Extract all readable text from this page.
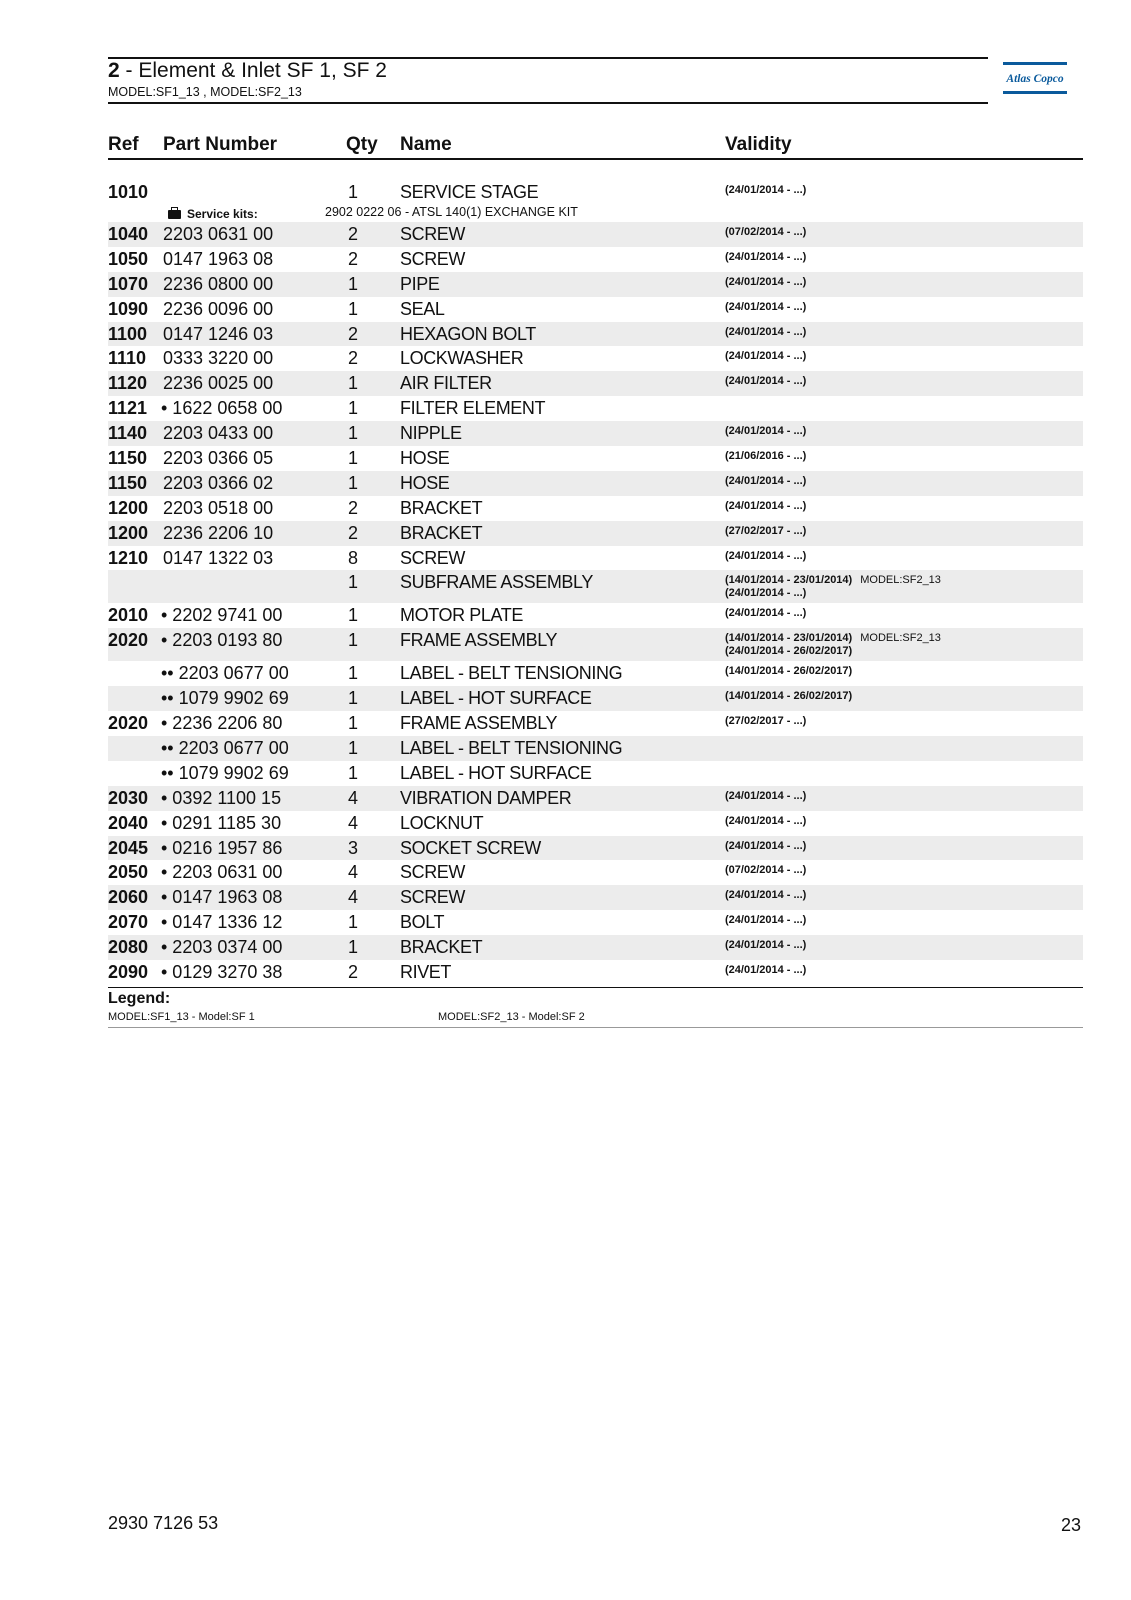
2 - Element & Inlet SF 1, SF 2
MODEL:SF1_13 , MODEL:SF2_13
Atlas Copco
Ref Part Number	Qty Name	Validity
1010	1 SERVICE STAGE	(24/01/2014 - ...)
Service kits:	2902 0222 06 - ATSL 140(1) EXCHANGE KIT
1040 2203 0631 00	2 SCREW	(07/02/2014 - ...)
1050 0147 1963 08	2 SCREW	(24/01/2014 - ...)
1070 2236 0800 00	1 PIPE	(24/01/2014 - ...)
1090 2236 0096 00	1 SEAL	(24/01/2014 - ...)
1100 0147 1246 03	2 HEXAGON BOLT	(24/01/2014 - ...)
1110 0333 3220 00	2 LOCKWASHER	(24/01/2014 - ...)
1120 2236 0025 00	1 AIR FILTER	(24/01/2014 - ...)
1121 • 1622 0658 00	1 FILTER ELEMENT
1140 2203 0433 00	1 NIPPLE	(24/01/2014 - ...)
1150 2203 0366 05	1 HOSE	(21/06/2016 - ...)
1150 2203 0366 02	1 HOSE	(24/01/2014 - ...)
1200 2203 0518 00	2 BRACKET	(24/01/2014 - ...)
1200 2236 2206 10	2 BRACKET	(27/02/2017 - ...)
1210 0147 1322 03	8 SCREW	(24/01/2014 - ...)
1 SUBFRAME ASSEMBLY	(14/01/2014 - 23/01/2014) MODEL:SF2_13
(24/01/2014 - ...)
2010 • 2202 9741 00	1 MOTOR PLATE	(24/01/2014 - ...)
2020 • 2203 0193 80	1 FRAME ASSEMBLY	(14/01/2014 - 23/01/2014) MODEL:SF2_13
(24/01/2014 - 26/02/2017)
•• 2203 0677 00	1 LABEL - BELT TENSIONING	(14/01/2014 - 26/02/2017)
•• 1079 9902 69	1 LABEL - HOT SURFACE	(14/01/2014 - 26/02/2017)
2020 • 2236 2206 80	1 FRAME ASSEMBLY	(27/02/2017 - ...)
•• 2203 0677 00	1 LABEL - BELT TENSIONING
•• 1079 9902 69	1 LABEL - HOT SURFACE
2030 • 0392 1100 15	4 VIBRATION DAMPER	(24/01/2014 - ...)
2040 • 0291 1185 30	4 LOCKNUT	(24/01/2014 - ...)
2045 • 0216 1957 86	3 SOCKET SCREW	(24/01/2014 - ...)
2050 • 2203 0631 00	4 SCREW	(07/02/2014 - ...)
2060 • 0147 1963 08	4 SCREW	(24/01/2014 - ...)
2070 • 0147 1336 12	1 BOLT	(24/01/2014 - ...)
2080 • 2203 0374 00	1 BRACKET	(24/01/2014 - ...)
2090 • 0129 3270 38	2 RIVET	(24/01/2014 - ...)
Legend:
MODEL:SF1_13 - Model:SF 1	MODEL:SF2_13 - Model:SF 2
2930 7126 53	23
